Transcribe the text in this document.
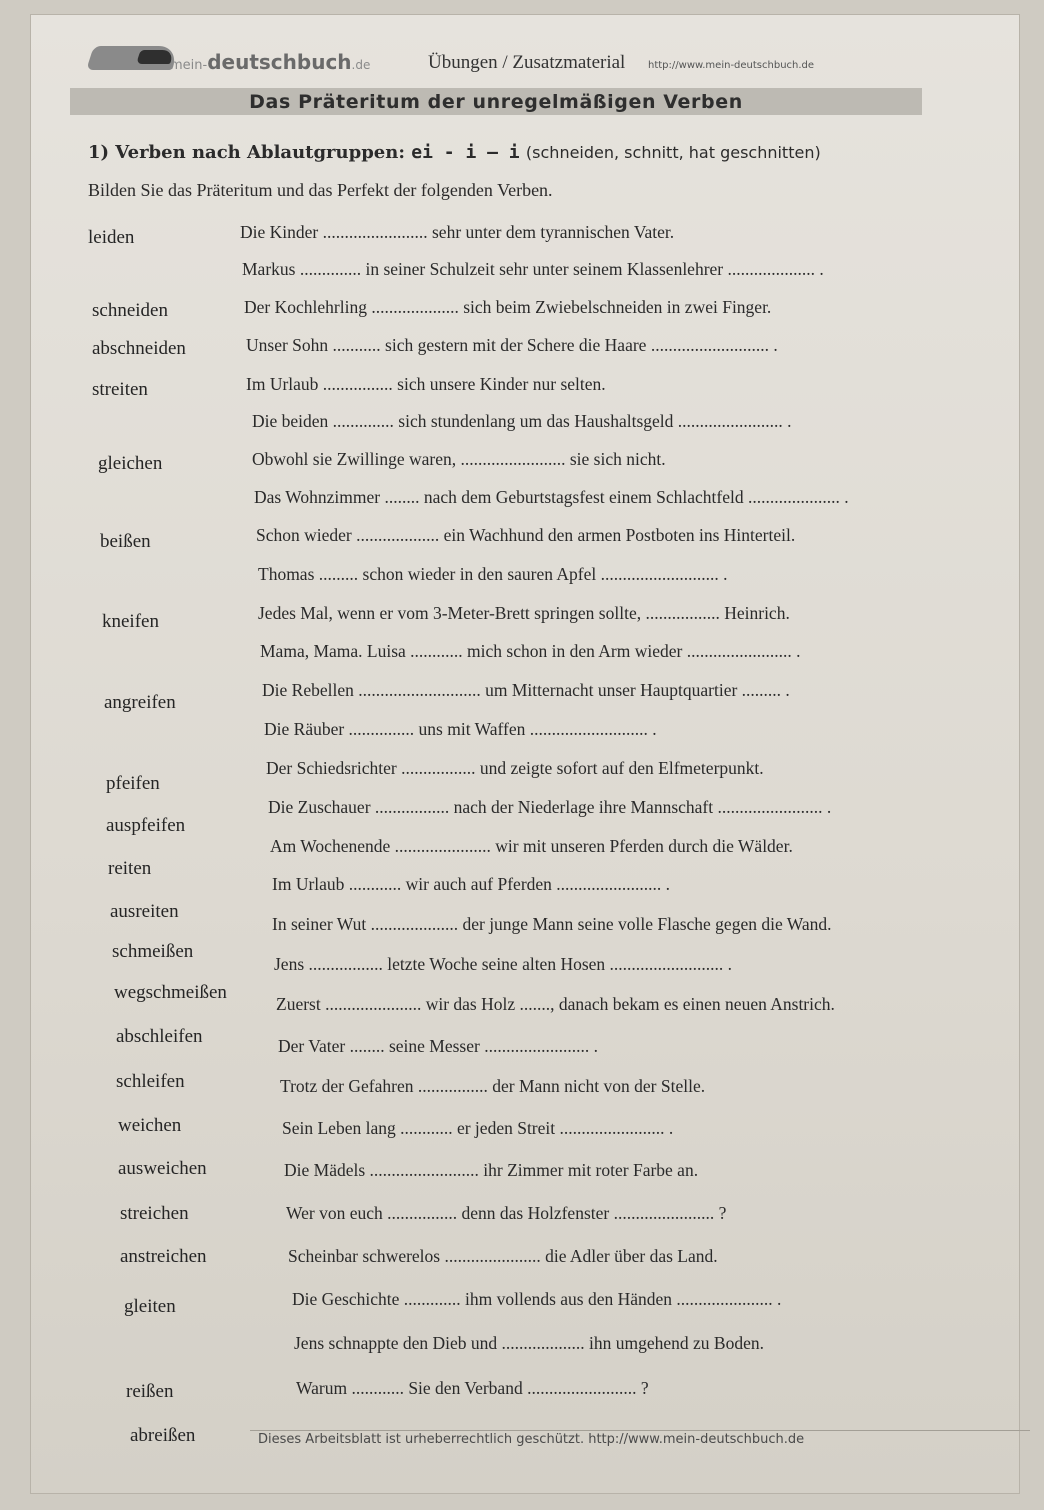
mein-deutschbuch.de	Übungen / Zusatzmaterial http://www.mein-deutschbuch.de
Das Präteritum der unregelmäßigen Verben
1) Verben nach Ablautgruppen: ei - i – i (schneiden, schnitt, hat geschnitten)
Bilden Sie das Präteritum und das Perfekt der folgenden Verben.
leiden
schneiden
abschneiden
streiten
gleichen
beißen
kneifen
angreifen
pfeifen
auspfeifen
reiten
ausreiten
schmeißen
wegschmeißen
abschleifen
schleifen
weichen
ausweichen
streichen
anstreichen
gleiten
reißen
abreißen
Die Kinder ........................ sehr unter dem tyrannischen Vater.
Markus .............. in seiner Schulzeit sehr unter seinem Klassenlehrer .................... .
Der Kochlehrling .................... sich beim Zwiebelschneiden in zwei Finger.
Unser Sohn ........... sich gestern mit der Schere die Haare ........................... .
Im Urlaub ................ sich unsere Kinder nur selten.
Die beiden .............. sich stundenlang um das Haushaltsgeld ........................ .
Obwohl sie Zwillinge waren, ........................ sie sich nicht.
Das Wohnzimmer ........ nach dem Geburtstagsfest einem Schlachtfeld ..................... .
Schon wieder ................... ein Wachhund den armen Postboten ins Hinterteil.
Thomas ......... schon wieder in den sauren Apfel ........................... .
Jedes Mal, wenn er vom 3-Meter-Brett springen sollte, ................. Heinrich.
Mama, Mama. Luisa ............ mich schon in den Arm wieder ........................ .
Die Rebellen ............................ um Mitternacht unser Hauptquartier ......... .
Die Räuber ............... uns mit Waffen ........................... .
Der Schiedsrichter ................. und zeigte sofort auf den Elfmeterpunkt.
Die Zuschauer ................. nach der Niederlage ihre Mannschaft ........................ .
Am Wochenende ...................... wir mit unseren Pferden durch die Wälder.
Im Urlaub ............ wir auch auf Pferden ........................ .
In seiner Wut .................... der junge Mann seine volle Flasche gegen die Wand.
Jens ................. letzte Woche seine alten Hosen .......................... .
Zuerst ...................... wir das Holz ......., danach bekam es einen neuen Anstrich.
Der Vater ........ seine Messer ........................ .
Trotz der Gefahren ................ der Mann nicht von der Stelle.
Sein Leben lang ............ er jeden Streit ........................ .
Die Mädels ......................... ihr Zimmer mit roter Farbe an.
Wer von euch ................ denn das Holzfenster ....................... ?
Scheinbar schwerelos ...................... die Adler über das Land.
Die Geschichte ............. ihm vollends aus den Händen ...................... .
Jens schnappte den Dieb und ................... ihn umgehend zu Boden.
Warum ............ Sie den Verband ......................... ?
Dieses Arbeitsblatt ist urheberrechtlich geschützt. http://www.mein-deutschbuch.de
